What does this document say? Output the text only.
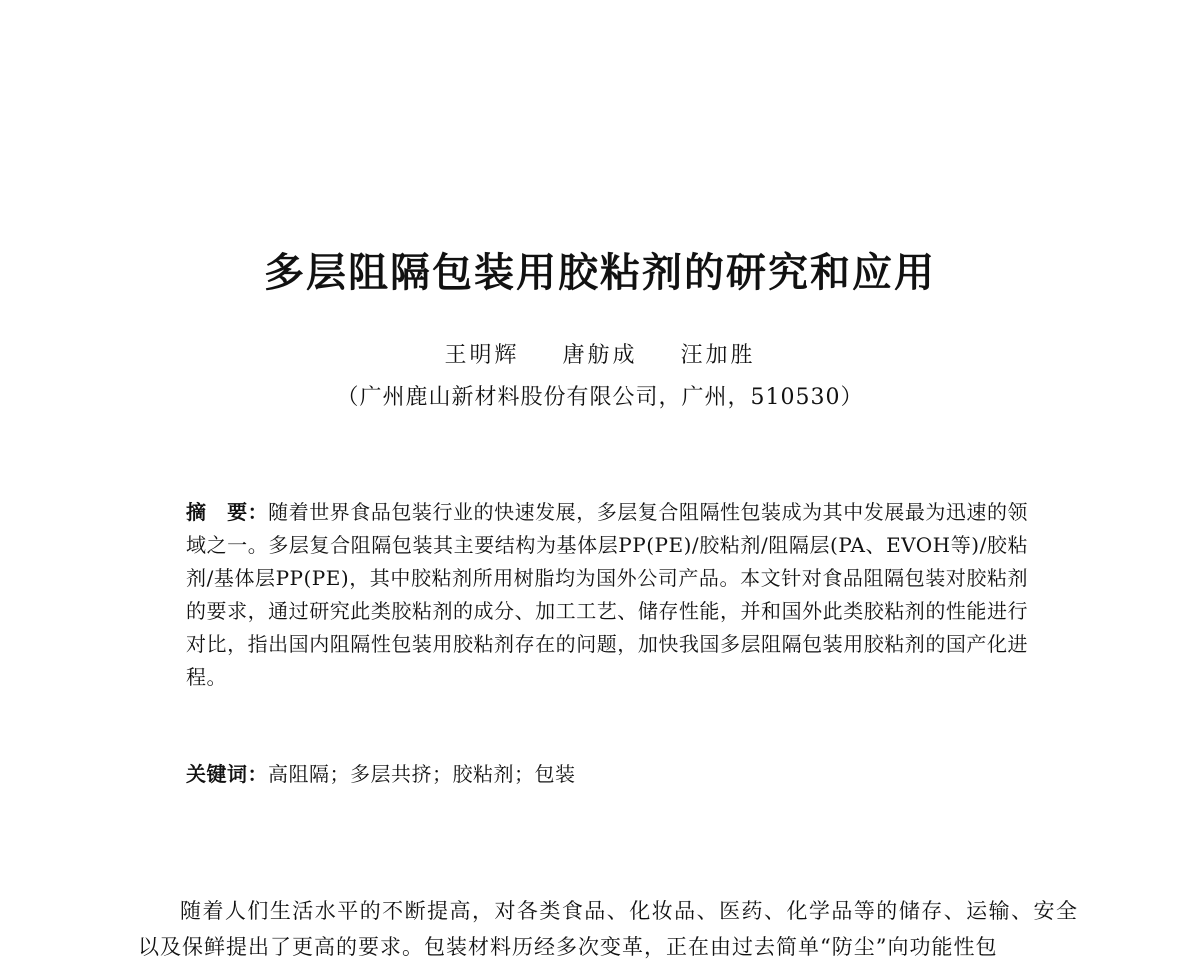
多层阻隔包装用胶粘剂的研究和应用
王明辉 唐舫成 汪加胜
（广州鹿山新材料股份有限公司，广州，510530）
摘　要：随着世界食品包装行业的快速发展，多层复合阻隔性包装成为其中发展最为迅速的领域之一。多层复合阻隔包装其主要结构为基体层PP(PE)/胶粘剂/阻隔层(PA、EVOH等)/胶粘剂/基体层PP(PE)，其中胶粘剂所用树脂均为国外公司产品。本文针对食品阻隔包装对胶粘剂的要求，通过研究此类胶粘剂的成分、加工工艺、储存性能，并和国外此类胶粘剂的性能进行对比，指出国内阻隔性包装用胶粘剂存在的问题，加快我国多层阻隔包装用胶粘剂的国产化进程。
关键词：高阻隔；多层共挤；胶粘剂；包装

随着人们生活水平的不断提高，对各类食品、化妆品、医药、化学品等的储存、运输、安全以及保鲜提出了更高的要求。包装材料历经多次变革，正在由过去简单“防尘”向功能性包
